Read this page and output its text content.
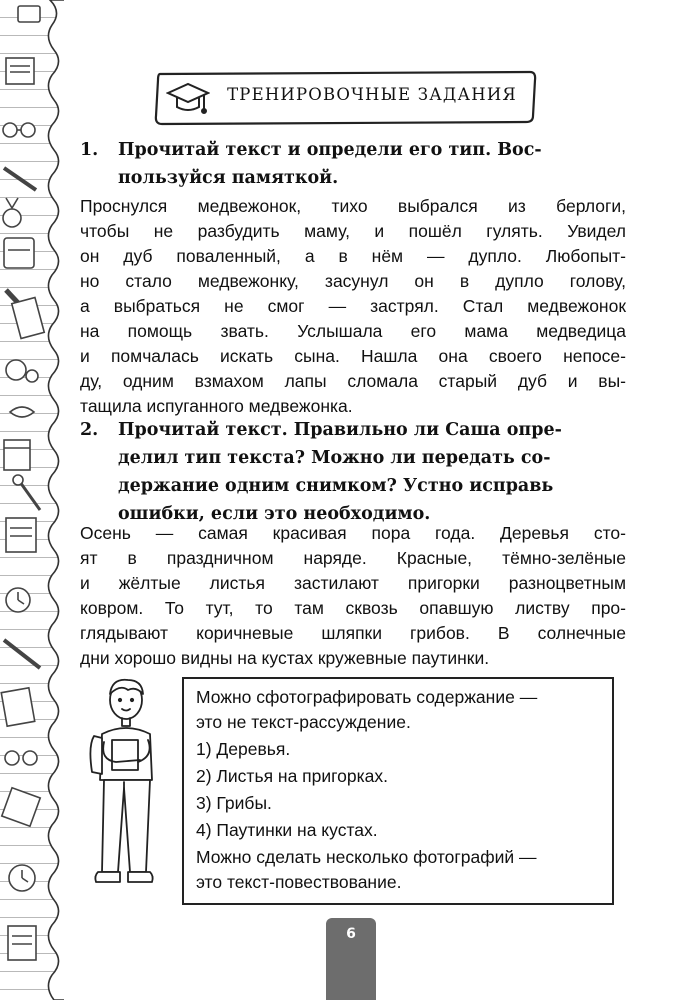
ТРЕНИРОВОЧНЫЕ ЗАДАНИЯ
1. Прочитай текст и определи его тип. Вос-
пользуйся памяткой.
Проснулся медвежонок, тихо выбрался из берлоги,
чтобы не разбудить маму, и пошёл гулять. Увидел
он дуб поваленный, а в нём — дупло. Любопыт-
но стало медвежонку, засунул он в дупло голову,
а выбраться не смог — застрял. Стал медвежонок
на помощь звать. Услышала его мама медведица
и помчалась искать сына. Нашла она своего непосе-
ду, одним взмахом лапы сломала старый дуб и вы-
тащила испуганного медвежонка.
2. Прочитай текст. Правильно ли Саша опре-
делил тип текста? Можно ли передать со-
держание одним снимком? Устно исправь
ошибки, если это необходимо.
Осень — самая красивая пора года. Деревья сто-
ят в праздничном наряде. Красные, тёмно-зелёные
и жёлтые листья застилают пригорки разноцветным
ковром. То тут, то там сквозь опавшую листву про-
глядывают коричневые шляпки грибов. В солнечные
дни хорошо видны на кустах кружевные паутинки.
Можно сфотографировать содержание —
это не текст-рассуждение.
1) Деревья.
2) Листья на пригорках.
3) Грибы.
4) Паутинки на кустах.
Можно сделать несколько фотографий —
это текст-повествование.
6
